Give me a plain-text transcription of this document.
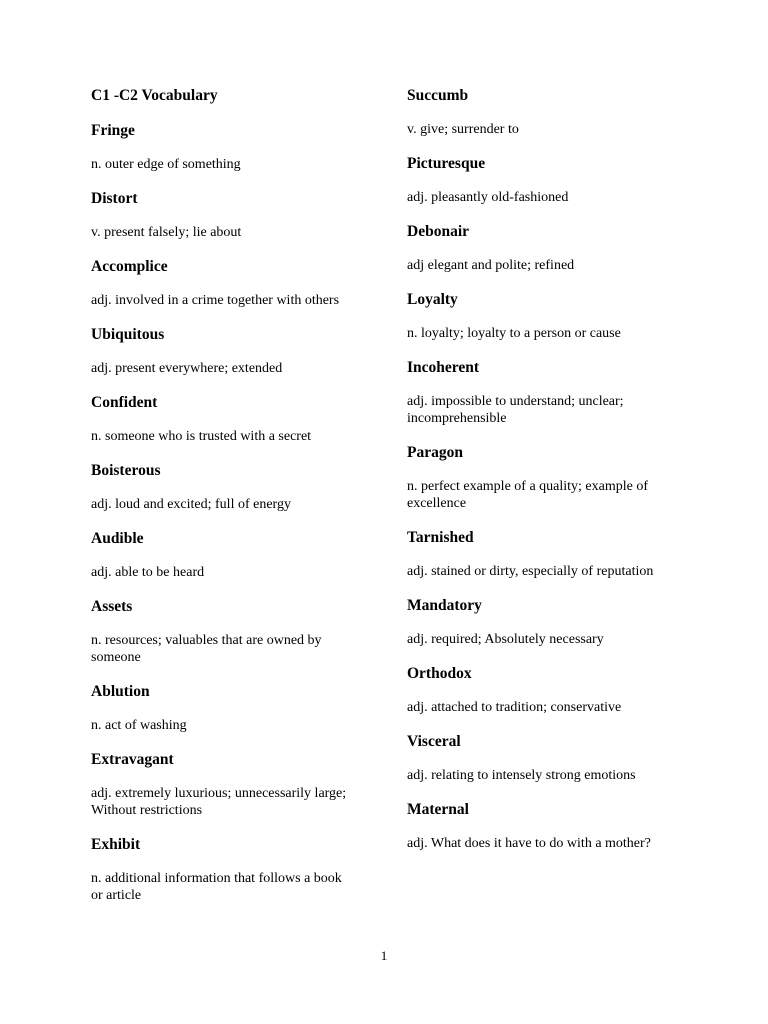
C1 -C2 Vocabulary
Fringe
n. outer edge of something
Distort
v. present falsely; lie about
Accomplice
adj. involved in a crime together with others
Ubiquitous
adj. present everywhere; extended
Confident
n. someone who is trusted with a secret
Boisterous
adj. loud and excited; full of energy
Audible
adj. able to be heard
Assets
n. resources; valuables that are owned by someone
Ablution
n. act of washing
Extravagant
adj. extremely luxurious; unnecessarily large; Without restrictions
Exhibit
n. additional information that follows a book or article
Succumb
v. give; surrender to
Picturesque
adj. pleasantly old-fashioned
Debonair
adj elegant and polite; refined
Loyalty
n. loyalty; loyalty to a person or cause
Incoherent
adj. impossible to understand; unclear; incomprehensible
Paragon
n. perfect example of a quality; example of excellence
Tarnished
adj. stained or dirty, especially of reputation
Mandatory
adj. required; Absolutely necessary
Orthodox
adj. attached to tradition; conservative
Visceral
adj. relating to intensely strong emotions
Maternal
adj. What does it have to do with a mother?
1
